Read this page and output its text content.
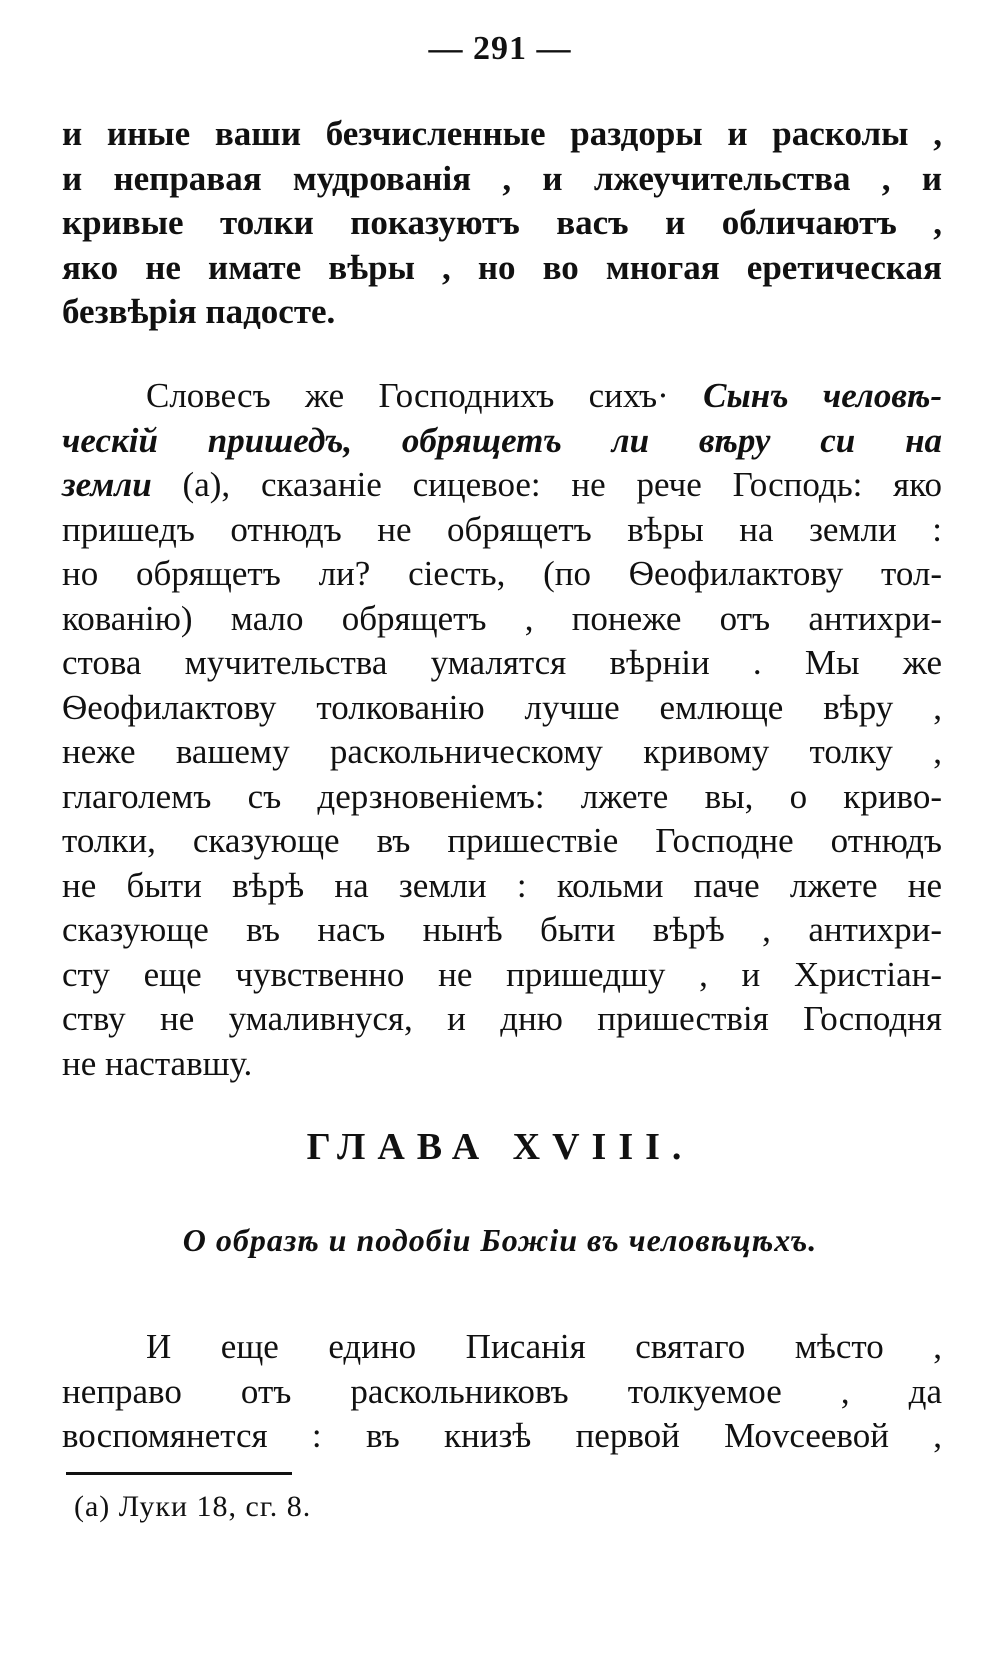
— 291 —
и иные ваши безчисленные раздоры и расколы ,
и неправая мудрованія , и лжеучительства , и
кривые толки показуютъ васъ и обличаютъ ,
яко не имате вѣры , но во многая еретическая
безвѣрія падосте.
Словесъ же Господнихъ сихъ· Сынъ человѣ-
ческій пришедъ, обрящетъ ли вѣру си на
земли (а), сказаніе сицевое: не рече Господь: яко
пришедъ отнюдъ не обрящетъ вѣры на земли :
но обрящетъ ли? сіесть, (по Ѳеофилактову тол-
кованію) мало обрящетъ , понеже отъ антихри-
стова мучительства умалятся вѣрніи . Мы же
Ѳеофилактову толкованію лучше емлюще вѣру ,
неже вашему раскольническому кривому толку ,
глаголемъ съ дерзновеніемъ: лжете вы, о криво-
толки, сказующе въ пришествіе Господне отнюдъ
не быти вѣрѣ на земли : кольми паче лжете не
сказующе въ насъ нынѣ быти вѣрѣ , антихри-
сту еще чувственно не пришедшу , и Христіан-
ству не умаливнуся, и дню пришествія Господня
не наставшу.
ГЛАВА XVIII.
О образѣ и подобіи Божіи въ человѣцѣхъ.
И еще едино Писанія святаго мѣсто ,
неправо отъ раскольниковъ толкуемое , да
воспомянется : въ книзѣ первой Моvсеевой ,
(а) Луки 18, сг. 8.
